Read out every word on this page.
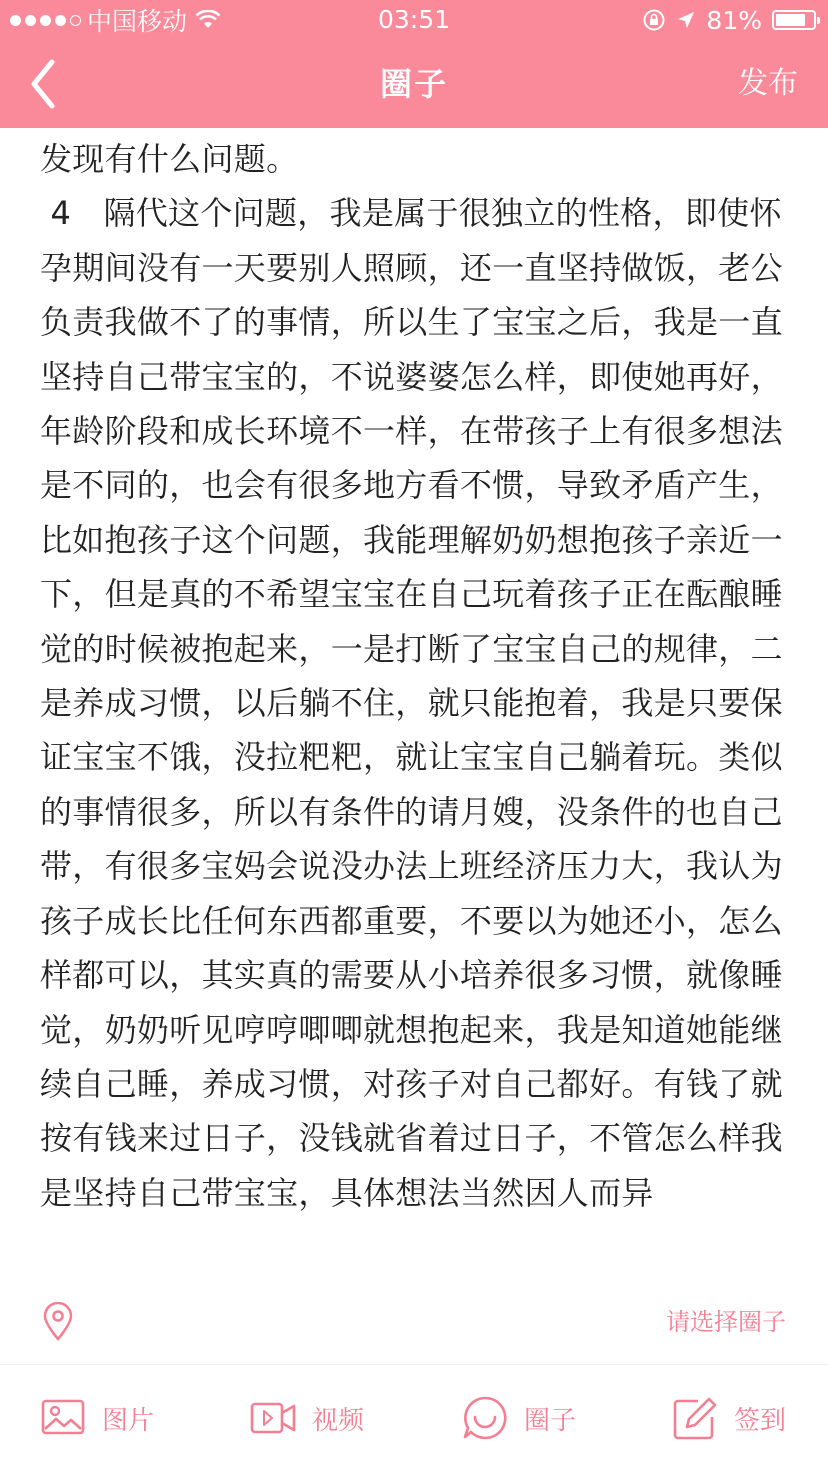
中国移动	03:51	81%
圈子	发布
发现有什么问题。
4　隔代这个问题，我是属于很独立的性格，即使怀孕期间没有一天要别人照顾，还一直坚持做饭，老公负责我做不了的事情，所以生了宝宝之后，我是一直坚持自己带宝宝的，不说婆婆怎么样，即使她再好，年龄阶段和成长环境不一样，在带孩子上有很多想法是不同的，也会有很多地方看不惯，导致矛盾产生，比如抱孩子这个问题，我能理解奶奶想抱孩子亲近一下，但是真的不希望宝宝在自己玩着孩子正在酝酿睡觉的时候被抱起来，一是打断了宝宝自己的规律，二是养成习惯，以后躺不住，就只能抱着，我是只要保证宝宝不饿，没拉粑粑，就让宝宝自己躺着玩。类似的事情很多，所以有条件的请月嫂，没条件的也自己带，有很多宝妈会说没办法上班经济压力大，我认为孩子成长比任何东西都重要，不要以为她还小，怎么样都可以，其实真的需要从小培养很多习惯，就像睡觉，奶奶听见哼哼唧唧就想抱起来，我是知道她能继续自己睡，养成习惯，对孩子对自己都好。有钱了就按有钱来过日子，没钱就省着过日子，不管怎么样我是坚持自己带宝宝，具体想法当然因人而异
请选择圈子
图片	视频	圈子	签到
